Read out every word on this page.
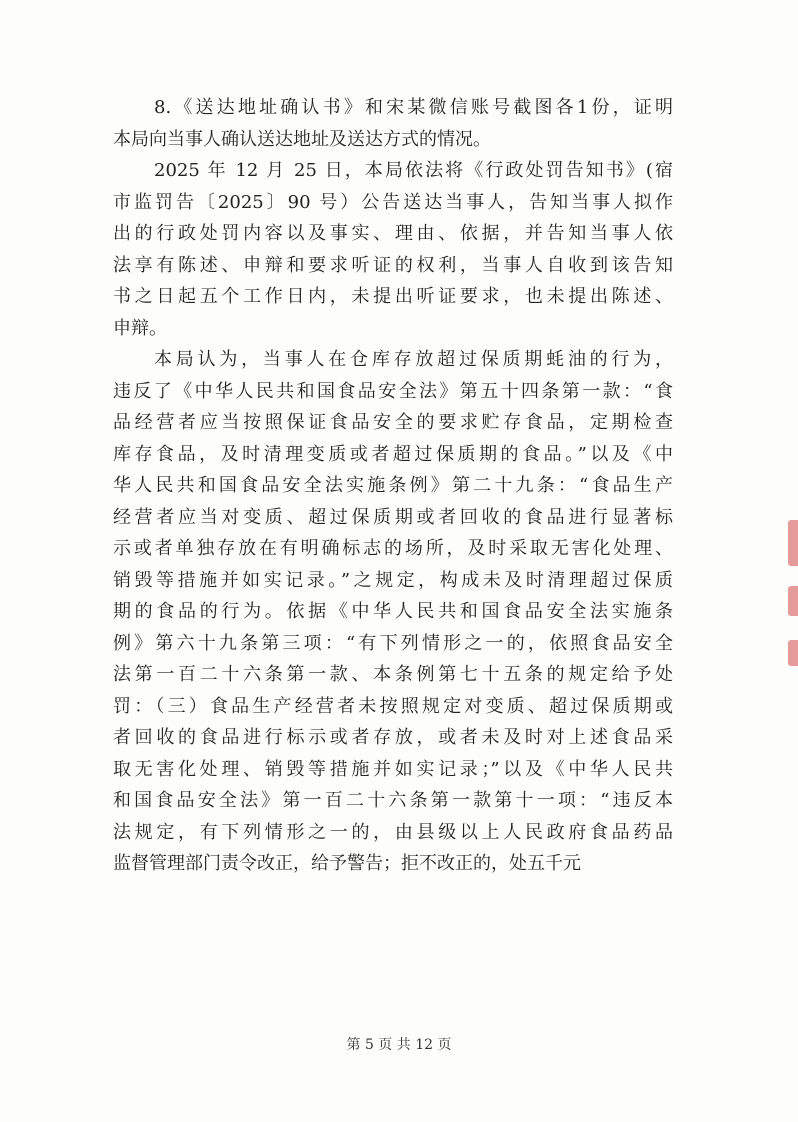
8.《送达地址确认书》和宋某微信账号截图各1份，证明
本局向当事人确认送达地址及送达方式的情况。
2025 年 12 月 25 日，本局依法将《行政处罚告知书》(宿
市监罚告〔2025〕90 号）公告送达当事人，告知当事人拟作
出的行政处罚内容以及事实、理由、依据，并告知当事人依
法享有陈述、申辩和要求听证的权利，当事人自收到该告知
书之日起五个工作日内，未提出听证要求，也未提出陈述、
申辩。
本局认为，当事人在仓库存放超过保质期蚝油的行为，
违反了《中华人民共和国食品安全法》第五十四条第一款：“食
品经营者应当按照保证食品安全的要求贮存食品，定期检查
库存食品，及时清理变质或者超过保质期的食品。”以及《中
华人民共和国食品安全法实施条例》第二十九条：“食品生产
经营者应当对变质、超过保质期或者回收的食品进行显著标
示或者单独存放在有明确标志的场所，及时采取无害化处理、
销毁等措施并如实记录。”之规定，构成未及时清理超过保质
期的食品的行为。依据《中华人民共和国食品安全法实施条
例》第六十九条第三项：“有下列情形之一的，依照食品安全
法第一百二十六条第一款、本条例第七十五条的规定给予处
罚：（三）食品生产经营者未按照规定对变质、超过保质期或
者回收的食品进行标示或者存放，或者未及时对上述食品采
取无害化处理、销毁等措施并如实记录；”以及《中华人民共
和国食品安全法》第一百二十六条第一款第十一项：“违反本
法规定，有下列情形之一的，由县级以上人民政府食品药品
监督管理部门责令改正，给予警告；拒不改正的，处五千元
第 5 页 共 12 页
